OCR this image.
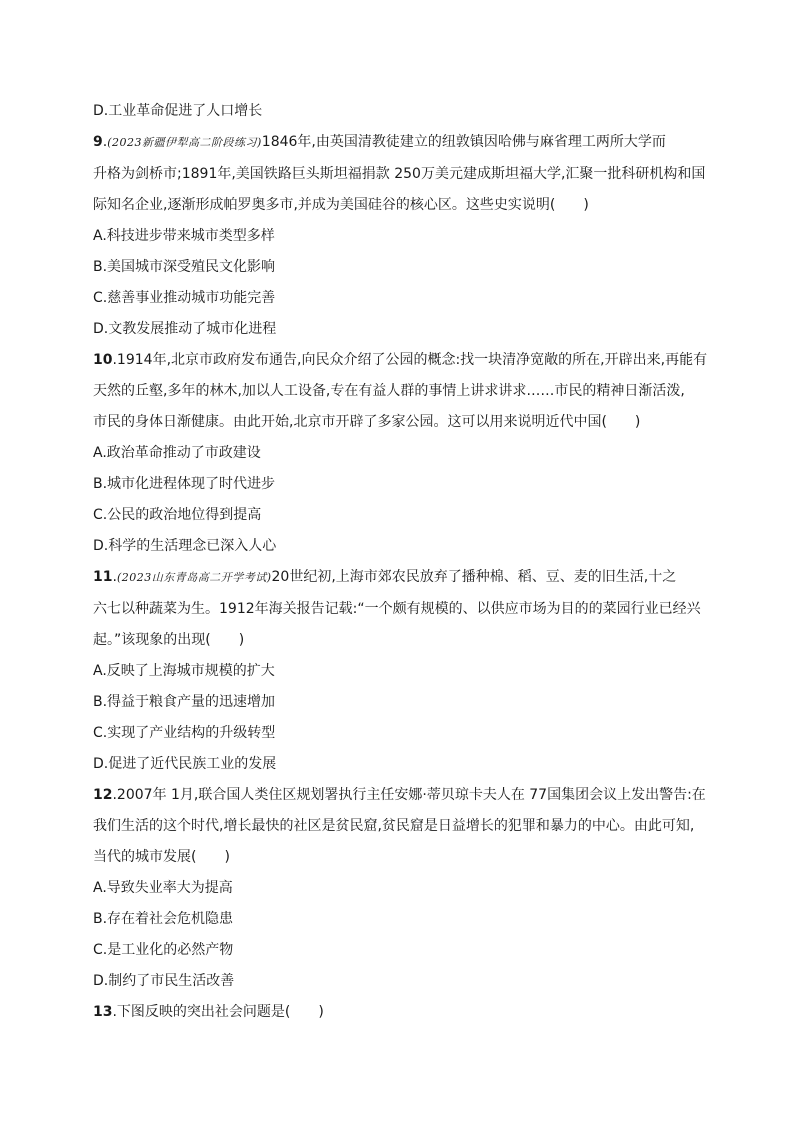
D.工业革命促进了人口增长

9.(2023新疆伊犁高二阶段练习)1846年,由英国清教徒建立的纽敦镇因哈佛与麻省理工两所大学而

升格为剑桥市;1891年,美国铁路巨头斯坦福捐款 250万美元建成斯坦福大学,汇聚一批科研机构和国

际知名企业,逐渐形成帕罗奥多市,并成为美国硅谷的核心区。这些史实说明(　　)

A.科技进步带来城市类型多样

B.美国城市深受殖民文化影响

C.慈善事业推动城市功能完善

D.文教发展推动了城市化进程

10.1914年,北京市政府发布通告,向民众介绍了公园的概念:找一块清净宽敞的所在,开辟出来,再能有

天然的丘壑,多年的林木,加以人工设备,专在有益人群的事情上讲求讲求……市民的精神日渐活泼,

市民的身体日渐健康。由此开始,北京市开辟了多家公园。这可以用来说明近代中国(　　)

A.政治革命推动了市政建设

B.城市化进程体现了时代进步

C.公民的政治地位得到提高

D.科学的生活理念已深入人心

11.(2023山东青岛高二开学考试)20世纪初,上海市郊农民放弃了播种棉、稻、豆、麦的旧生活,十之

六七以种蔬菜为生。1912年海关报告记载:“一个颇有规模的、以供应市场为目的的菜园行业已经兴

起。”该现象的出现(　　)

A.反映了上海城市规模的扩大

B.得益于粮食产量的迅速增加

C.实现了产业结构的升级转型

D.促进了近代民族工业的发展

12.2007年 1月,联合国人类住区规划署执行主任安娜·蒂贝琼卡夫人在 77国集团会议上发出警告:在

我们生活的这个时代,增长最快的社区是贫民窟,贫民窟是日益增长的犯罪和暴力的中心。由此可知,

当代的城市发展(　　)

A.导致失业率大为提高

B.存在着社会危机隐患

C.是工业化的必然产物

D.制约了市民生活改善

13.下图反映的突出社会问题是(　　)
